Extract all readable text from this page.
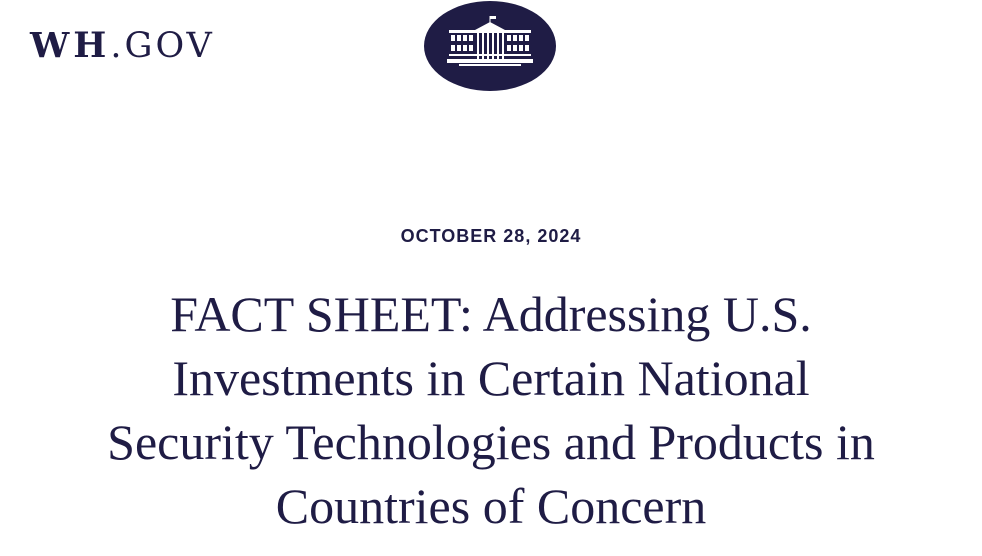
WH.GOV
OCTOBER 28, 2024
FACT SHEET: Addressing U.S.
Investments in Certain National
Security Technologies and Products in
Countries of Concern
